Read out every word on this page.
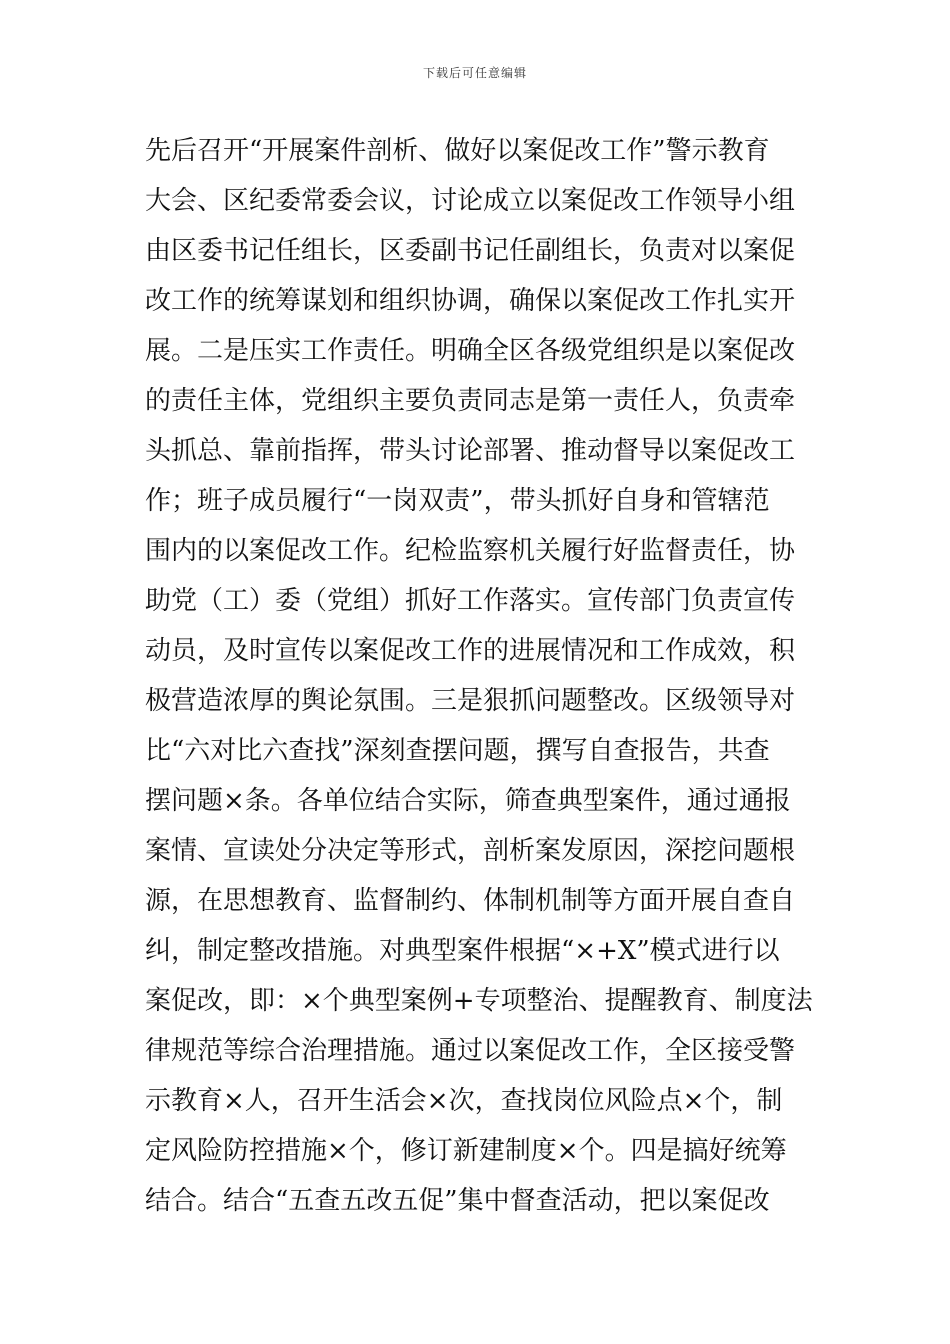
下载后可任意编辑
先后召开“开展案件剖析、做好以案促改工作”警示教育
大会、区纪委常委会议，讨论成立以案促改工作领导小组
由区委书记任组长，区委副书记任副组长，负责对以案促
改工作的统筹谋划和组织协调，确保以案促改工作扎实开
展。二是压实工作责任。明确全区各级党组织是以案促改
的责任主体，党组织主要负责同志是第一责任人，负责牵
头抓总、靠前指挥，带头讨论部署、推动督导以案促改工
作；班子成员履行“一岗双责”，带头抓好自身和管辖范
围内的以案促改工作。纪检监察机关履行好监督责任，协
助党（工）委（党组）抓好工作落实。宣传部门负责宣传
动员，及时宣传以案促改工作的进展情况和工作成效，积
极营造浓厚的舆论氛围。三是狠抓问题整改。区级领导对
比“六对比六查找”深刻查摆问题，撰写自查报告，共查
摆问题×条。各单位结合实际，筛查典型案件，通过通报
案情、宣读处分决定等形式，剖析案发原因，深挖问题根
源，在思想教育、监督制约、体制机制等方面开展自查自
纠，制定整改措施。对典型案件根据“×+X”模式进行以
案促改，即：×个典型案例+专项整治、提醒教育、制度法
律规范等综合治理措施。通过以案促改工作，全区接受警
示教育×人，召开生活会×次，查找岗位风险点×个，制
定风险防控措施×个，修订新建制度×个。四是搞好统筹
结合。结合“五查五改五促”集中督查活动，把以案促改
